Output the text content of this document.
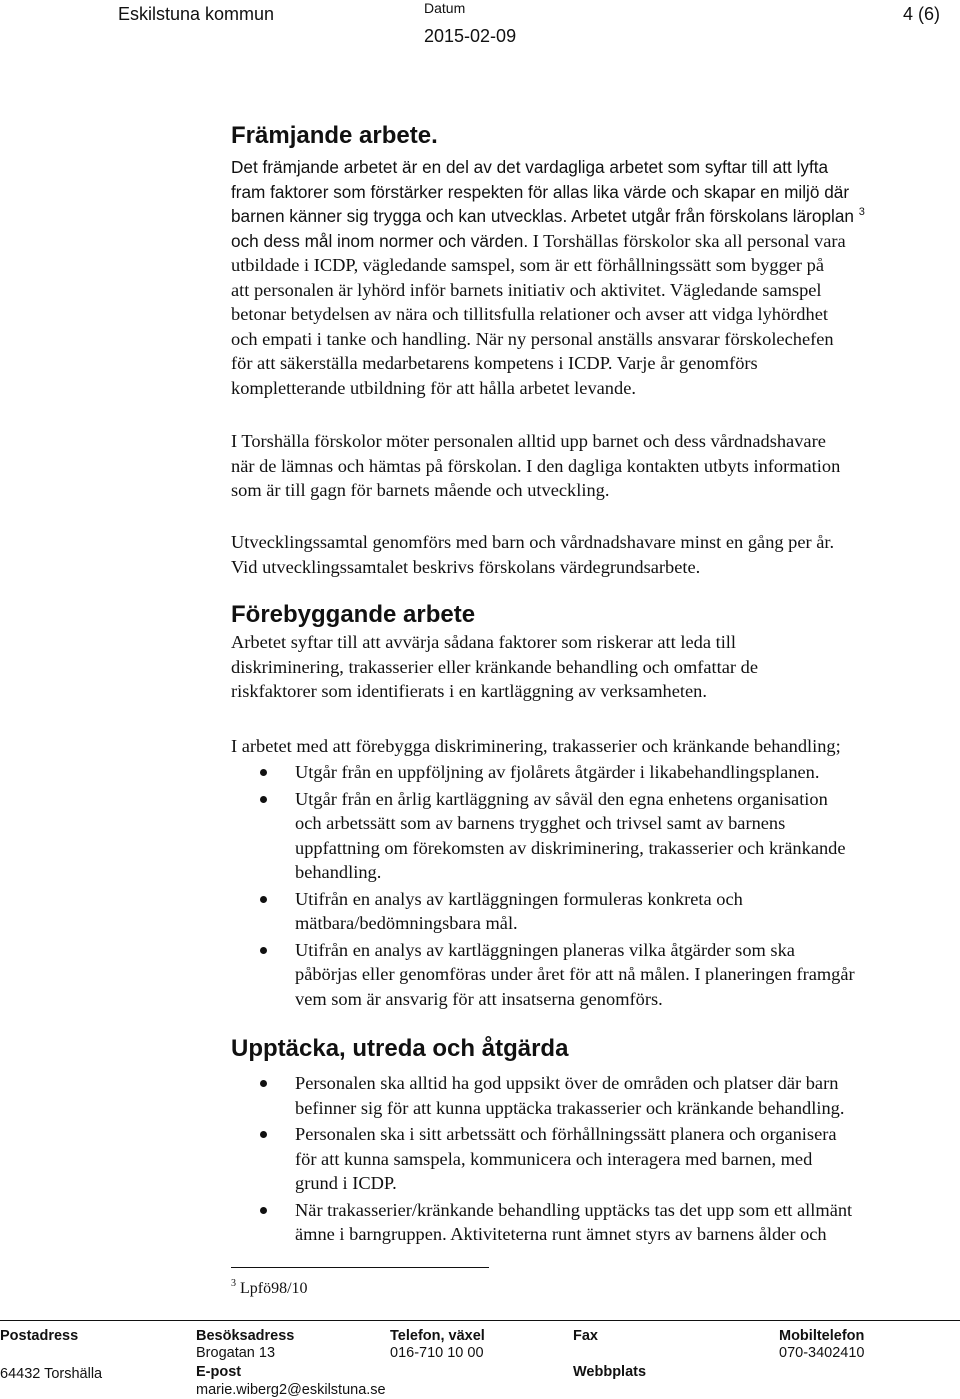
Eskilstuna kommun	Datum
2015-02-09
4 (6)
Främjande arbete.
Det främjande arbetet är en del av det vardagliga arbetet som syftar till att lyfta
fram faktorer som förstärker respekten för allas lika värde och skapar en miljö där
barnen känner sig trygga och kan utvecklas. Arbetet utgår från förskolans läroplan $^3$
och dess mål inom normer och värden. I Torshällas förskolor ska all personal vara
utbildade i ICDP, vägledande samspel, som är ett förhållningssätt som bygger på
att personalen är lyhörd inför barnets initiativ och aktivitet. Vägledande samspel
betonar betydelsen av nära och tillitsfulla relationer och avser att vidga lyhördhet
och empati i tanke och handling. När ny personal anställs ansvarar förskolechefen
för att säkerställa medarbetarens kompetens i ICDP. Varje år genomförs
kompletterande utbildning för att hålla arbetet levande.
I Torshälla förskolor möter personalen alltid upp barnet och dess vårdnadshavare
när de lämnas och hämtas på förskolan. I den dagliga kontakten utbyts information
som är till gagn för barnets mående och utveckling.
Utvecklingssamtal genomförs med barn och vårdnadshavare minst en gång per år.
Vid utvecklingssamtalet beskrivs förskolans värdegrundsarbete.
Förebyggande arbete
Arbetet syftar till att avvärja sådana faktorer som riskerar att leda till
diskriminering, trakasserier eller kränkande behandling och omfattar de
riskfaktorer som identifierats i en kartläggning av verksamheten.
I arbetet med att förebygga diskriminering, trakasserier och kränkande behandling;
Utgår från en uppföljning av fjolårets åtgärder i likabehandlingsplanen.
Utgår från en årlig kartläggning av såväl den egna enhetens organisation
och arbetssätt som av barnens trygghet och trivsel samt av barnens
uppfattning om förekomsten av diskriminering, trakasserier och kränkande
behandling.
Utifrån en analys av kartläggningen formuleras konkreta och
mätbara/bedömningsbara mål.
Utifrån en analys av kartläggningen planeras vilka åtgärder som ska
påbörjas eller genomföras under året för att nå målen. I planeringen framgår
vem som är ansvarig för att insatserna genomförs.
Upptäcka, utreda och åtgärda
Personalen ska alltid ha god uppsikt över de områden och platser där barn
befinner sig för att kunna upptäcka trakasserier och kränkande behandling.
Personalen ska i sitt arbetssätt och förhållningssätt planera och organisera
för att kunna samspela, kommunicera och interagera med barnen, med
grund i ICDP.
När trakasserier/kränkande behandling upptäcks tas det upp som ett allmänt
ämne i barngruppen. Aktiviteterna runt ämnet styrs av barnens ålder och
$^3$ Lpfö98/10
Postadress
64432 Torshälla
Besöksadress
Brogatan 13
E-post
marie.wiberg2@eskilstuna.se
Telefon, växel
016-710 10 00
Fax
Webbplats
Mobiltelefon
070-3402410
